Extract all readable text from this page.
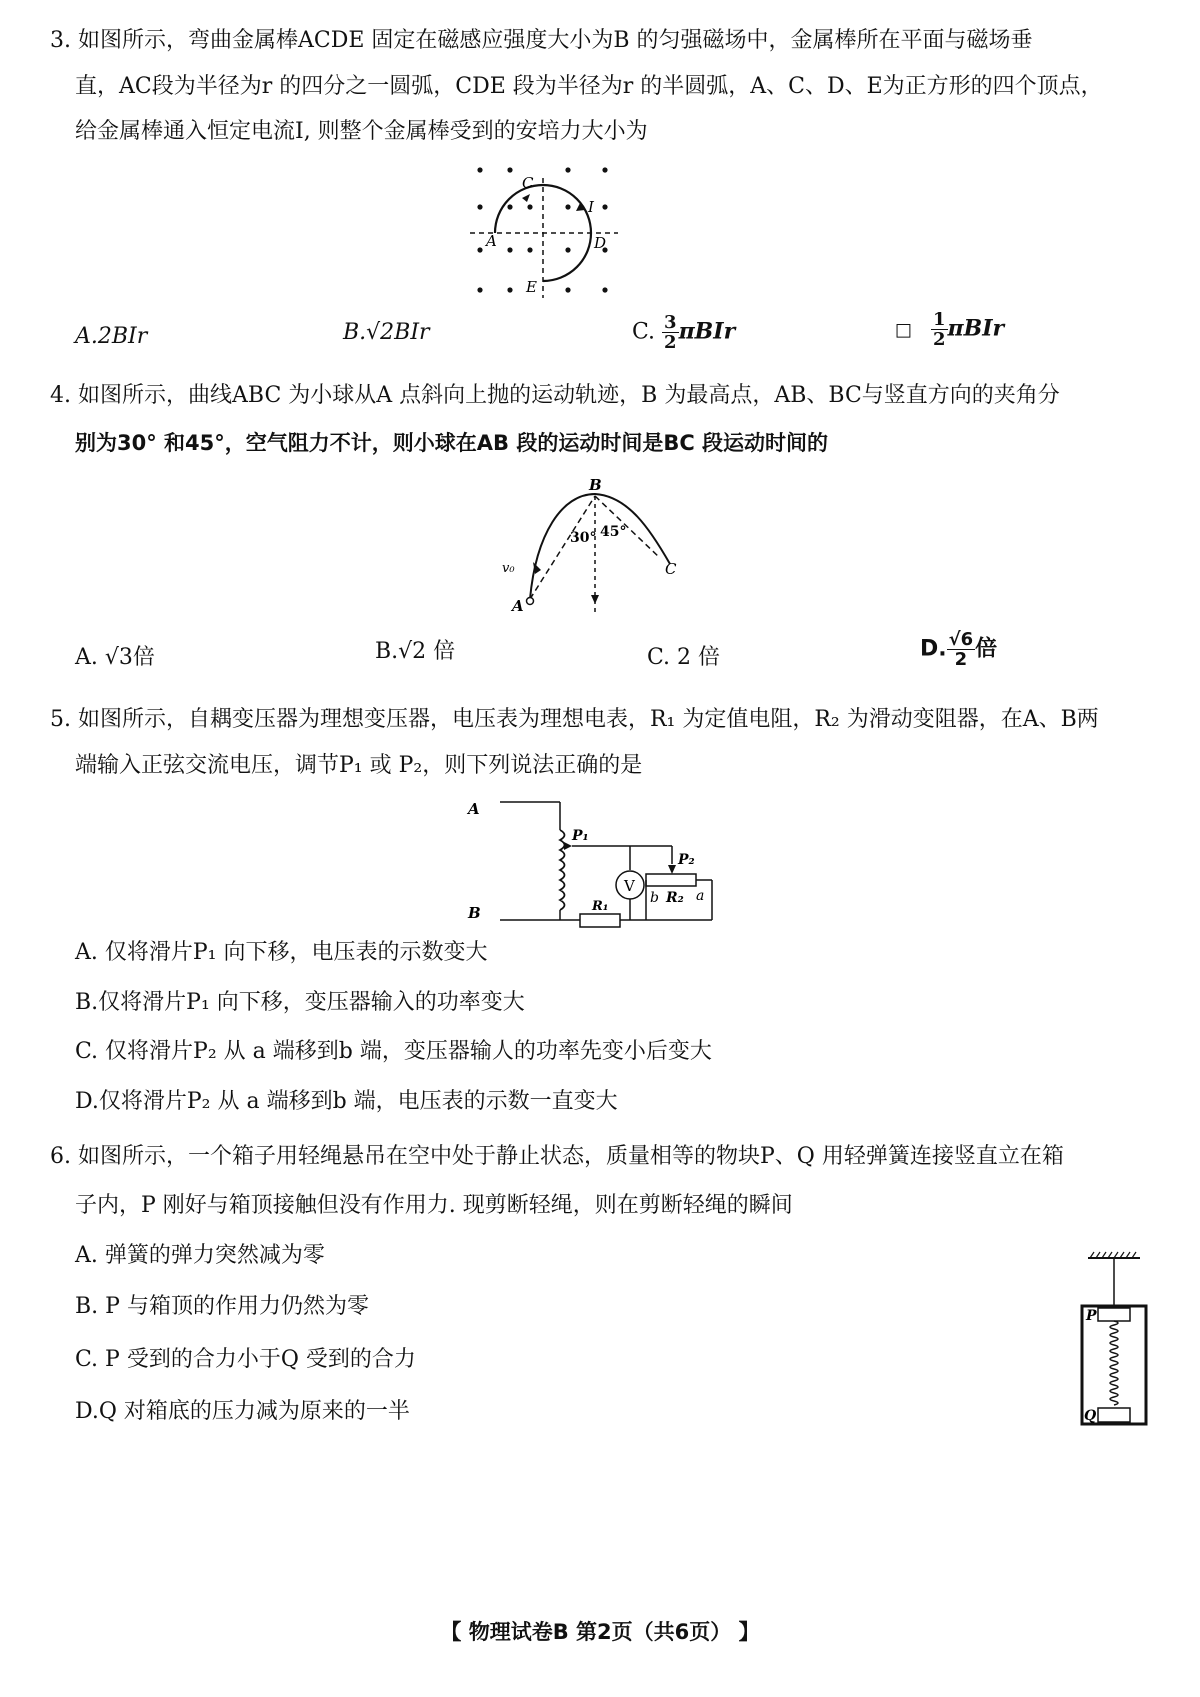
3. 如图所示，弯曲金属棒ACDE 固定在磁感应强度大小为B 的匀强磁场中，金属棒所在平面与磁场垂
直，AC段为半径为r 的四分之一圆弧，CDE 段为半径为r 的半圆弧，A、C、D、E为正方形的四个顶点，
给金属棒通入恒定电流I, 则整个金属棒受到的安培力大小为
C
I
A	D
E
A.2BIr	B.√2BIr	C. $\frac{3}{2}$ πBIr	□ $\frac{1}{2}$ πBIr
4. 如图所示，曲线ABC 为小球从A 点斜向上抛的运动轨迹，B 为最高点，AB、BC与竖直方向的夹角分
别为30° 和45°，空气阻力不计，则小球在AB 段的运动时间是BC 段运动时间的
B
30° 45°
v₀
A
C
A. √3倍	B.√2 倍	C. 2 倍	D. $\frac{√6}{2}$ 倍
5. 如图所示，自耦变压器为理想变压器，电压表为理想电表，R₁ 为定值电阻，R₂ 为滑动变阻器，在A、B两
端输入正弦交流电压，调节P₁ 或 P₂，则下列说法正确的是
V
A
B
P₁
P₂
b R₂ a
R₁
A. 仅将滑片P₁ 向下移，电压表的示数变大
B.仅将滑片P₁ 向下移，变压器输入的功率变大
C. 仅将滑片P₂ 从 a 端移到b 端，变压器输人的功率先变小后变大
D.仅将滑片P₂ 从 a 端移到b 端，电压表的示数一直变大
6. 如图所示，一个箱子用轻绳悬吊在空中处于静止状态，质量相等的物块P、Q 用轻弹簧连接竖直立在箱
子内，P 刚好与箱顶接触但没有作用力. 现剪断轻绳，则在剪断轻绳的瞬间
A. 弹簧的弹力突然减为零
B. P 与箱顶的作用力仍然为零
C. P 受到的合力小于Q 受到的合力
D.Q 对箱底的压力减为原来的一半
P
Q
【 物理试卷B 第2页（共6页） 】
